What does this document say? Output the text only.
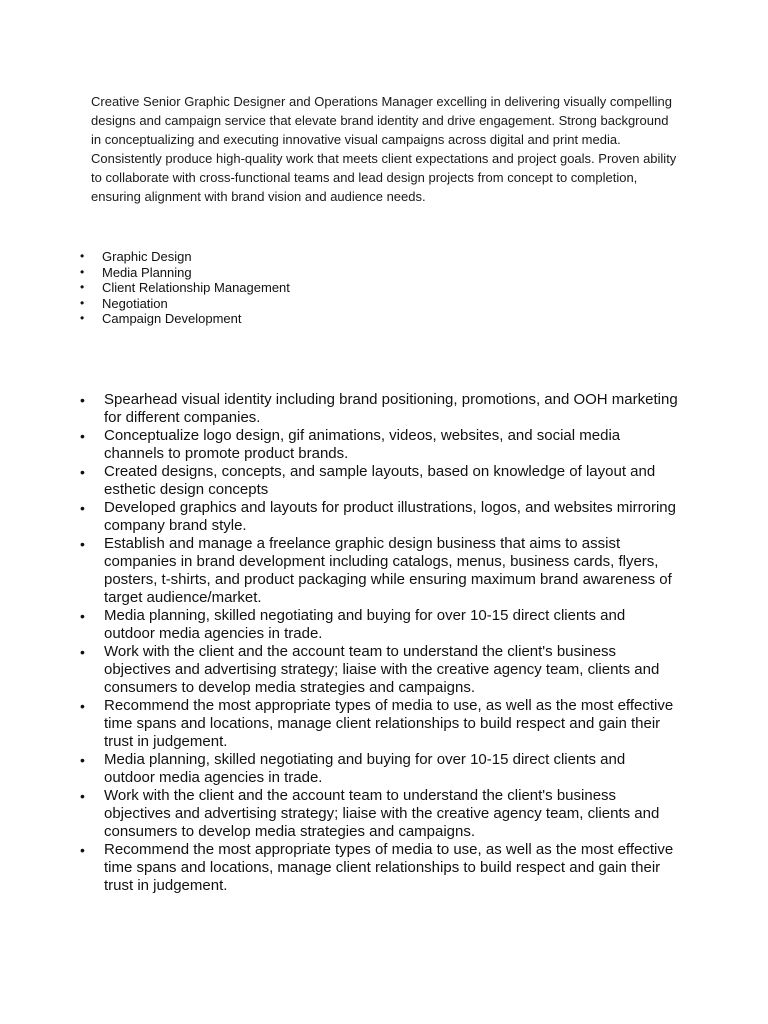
Creative Senior Graphic Designer and Operations Manager excelling in delivering visually compelling designs and campaign service that elevate brand identity and drive engagement. Strong background in conceptualizing and executing innovative visual campaigns across digital and print media. Consistently produce high-quality work that meets client expectations and project goals. Proven ability to collaborate with cross-functional teams and lead design projects from concept to completion, ensuring alignment with brand vision and audience needs.

• Graphic Design
• Media Planning
• Client Relationship Management
• Negotiation
• Campaign Development
• Spearhead visual identity including brand positioning, promotions, and OOH marketing for different companies.
• Conceptualize logo design, gif animations, videos, websites, and social media channels to promote product brands.
• Created designs, concepts, and sample layouts, based on knowledge of layout and esthetic design concepts
• Developed graphics and layouts for product illustrations, logos, and websites mirroring company brand style.
• Establish and manage a freelance graphic design business that aims to assist companies in brand development including catalogs, menus, business cards, flyers, posters, t-shirts, and product packaging while ensuring maximum brand awareness of target audience/market.
• Media planning, skilled negotiating and buying for over 10-15 direct clients and outdoor media agencies in trade.
• Work with the client and the account team to understand the client's business objectives and advertising strategy; liaise with the creative agency team, clients and consumers to develop media strategies and campaigns.
• Recommend the most appropriate types of media to use, as well as the most effective time spans and locations, manage client relationships to build respect and gain their trust in judgement.
• Media planning, skilled negotiating and buying for over 10-15 direct clients and outdoor media agencies in trade.
• Work with the client and the account team to understand the client's business objectives and advertising strategy; liaise with the creative agency team, clients and consumers to develop media strategies and campaigns.
• Recommend the most appropriate types of media to use, as well as the most effective time spans and locations, manage client relationships to build respect and gain their trust in judgement.
